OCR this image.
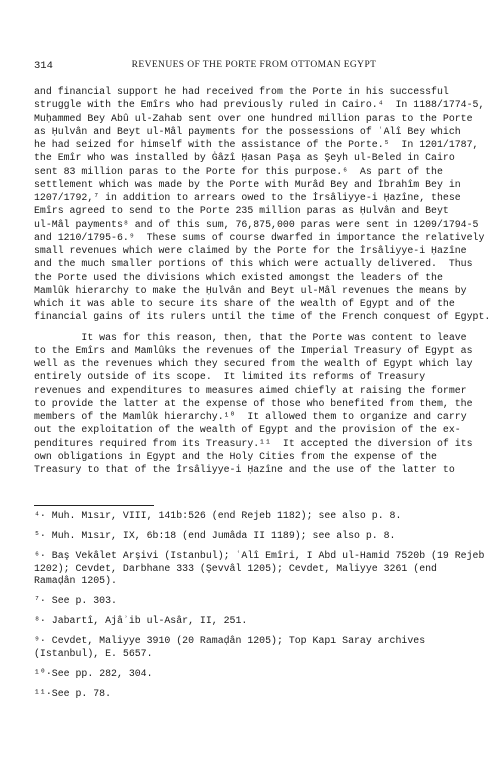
314	REVENUES OF THE PORTE FROM OTTOMAN EGYPT
and financial support he had received from the Porte in his successful
struggle with the Emîrs who had previously ruled in Cairo.⁴  In 1188/1774-5,
Muḥammed Bey Abû ul-Zahab sent over one hundred million paras to the Porte
as Ḥulvân and Beyt ul-Mâl payments for the possessions of ʿAlî Bey which
he had seized for himself with the assistance of the Porte.⁵  In 1201/1787,
the Emîr who was installed by Ġâzî Ḥasan Paşa as Şeyh ul-Beled in Cairo
sent 83 million paras to the Porte for this purpose.⁶  As part of the
settlement which was made by the Porte with Murâd Bey and İbrahîm Bey in
1207/1792,⁷ in addition to arrears owed to the İrsâliyye-i Ḥazîne, these
Emîrs agreed to send to the Porte 235 million paras as Ḥulvân and Beyt
ul-Mâl payments⁸ and of this sum, 76,875,000 paras were sent in 1209/1794-5
and 1210/1795-6.⁹  These sums of course dwarfed in importance the relatively
small revenues which were claimed by the Porte for the İrsâliyye-i Ḥazîne
and the much smaller portions of this which were actually delivered.  Thus
the Porte used the divisions which existed amongst the leaders of the
Mamlûk hierarchy to make the Ḥulvân and Beyt ul-Mâl revenues the means by
which it was able to secure its share of the wealth of Egypt and of the
financial gains of its rulers until the time of the French conquest of Egypt.
It was for this reason, then, that the Porte was content to leave
to the Emîrs and Mamlûks the revenues of the Imperial Treasury of Egypt as
well as the revenues which they secured from the wealth of Egypt which lay
entirely outside of its scope.  It limited its reforms of Treasury
revenues and expenditures to measures aimed chiefly at raising the former
to provide the latter at the expense of those who benefited from them, the
members of the Mamlûk hierarchy.¹⁰  It allowed them to organize and carry
out the exploitation of the wealth of Egypt and the provision of the ex-
penditures required from its Treasury.¹¹  It accepted the diversion of its
own obligations in Egypt and the Holy Cities from the expense of the
Treasury to that of the İrsâliyye-i Ḥazîne and the use of the latter to
⁴· Muh. Mısır, VIII, 141b:526 (end Rejeb 1182); see also p. 8.
⁵· Muh. Mısır, IX, 6b:18 (end Jumâda II 1189); see also p. 8.
⁶· Baş Vekâlet Arşivi (Istanbul); ʿAlî Emîri, I Abd ul-Hamid 7520b (19 Rejeb
1202); Cevdet, Darbhane 333 (Şevvâl 1205); Cevdet, Maliyye 3261 (end
Ramaḍân 1205).
⁷· See p. 303.
⁸· Jabartî, Ajâʾib ul-Asâr, II, 251.
⁹· Cevdet, Maliyye 3910 (20 Ramaḍân 1205); Top Kapı Saray archives
(Istanbul), E. 5657.
¹⁰·See pp. 282, 304.
¹¹·See p. 78.
